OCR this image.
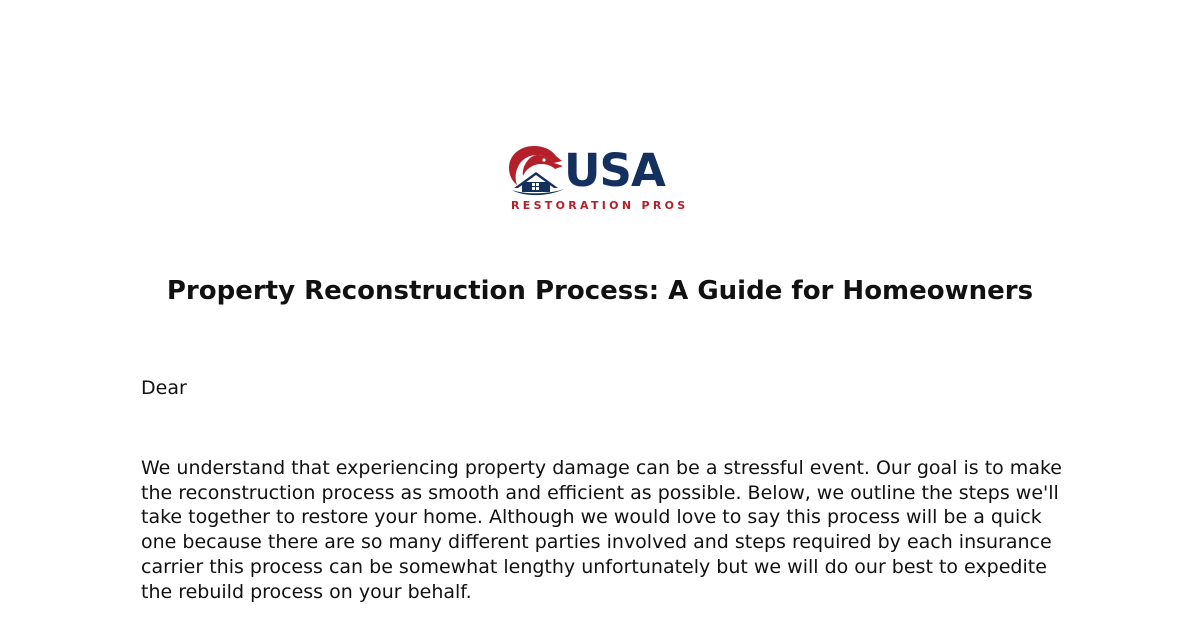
USA
RESTORATION PROS
Property Reconstruction Process: A Guide for Homeowners

Dear

We understand that experiencing property damage can be a stressful event. Our goal is to make the reconstruction process as smooth and efficient as possible. Below, we outline the steps we'll take together to restore your home. Although we would love to say this process will be a quick one because there are so many different parties involved and steps required by each insurance carrier this process can be somewhat lengthy unfortunately but we will do our best to expedite the rebuild process on your behalf.
